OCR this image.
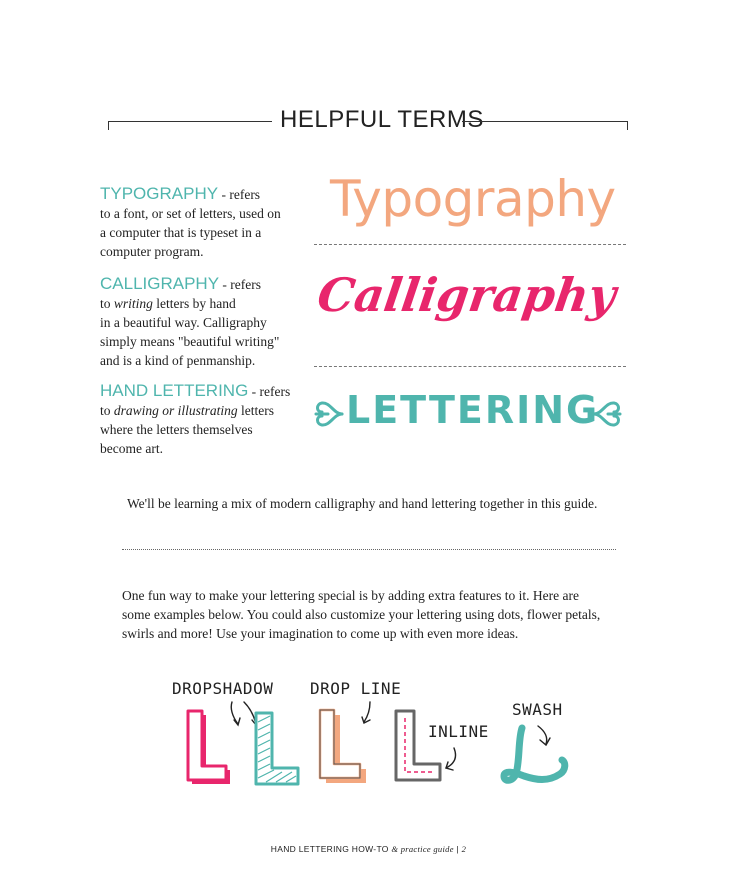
HELPFUL TERMS
TYPOGRAPHY - refers
to a font, or set of letters, used on
a computer that is typeset in a
computer program.
CALLIGRAPHY - refers
to writing letters by hand
in a beautiful way. Calligraphy
simply means "beautiful writing"
and is a kind of penmanship.
HAND LETTERING - refers
to drawing or illustrating letters
where the letters themselves
become art.
Typography
Calligraphy
LETTERING
We'll be learning a mix of modern calligraphy and hand lettering together in this guide.
One fun way to make your lettering special is by adding extra features to it. Here are
some examples below. You could also customize your lettering using dots, flower petals,
swirls and more! Use your imagination to come up with even more ideas.
DROPSHADOW DROP LINE
INLINE
SWASH
HAND LETTERING HOW-TO & practice guide | 2
